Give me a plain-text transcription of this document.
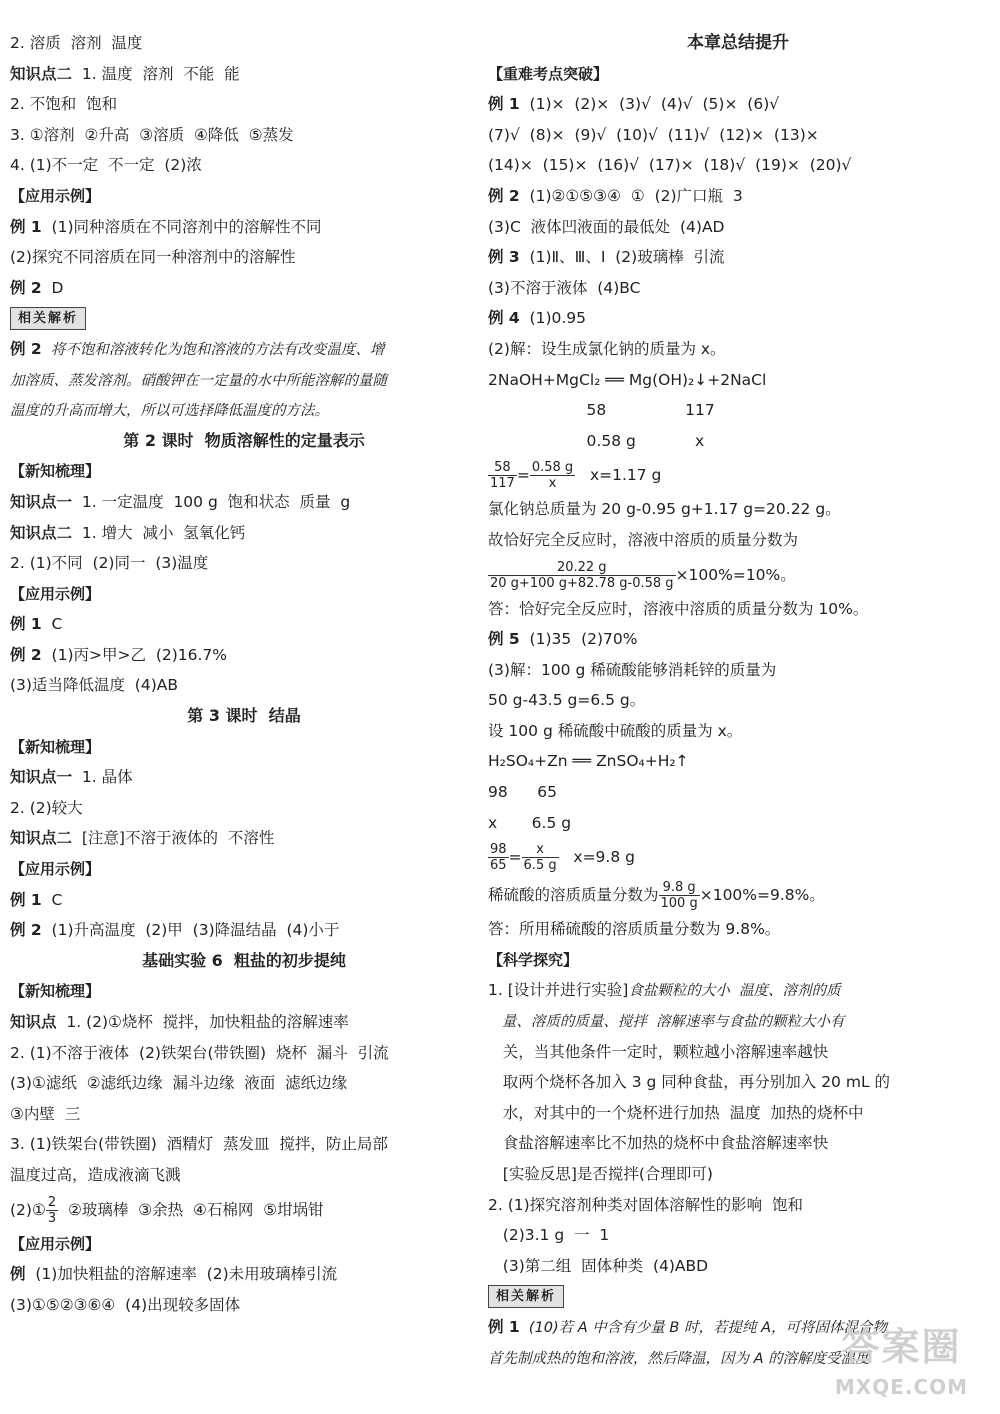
2. 溶质  溶剂  温度
知识点二  1. 温度  溶剂  不能  能
2. 不饱和  饱和
3. ①溶剂  ②升高  ③溶质  ④降低  ⑤蒸发
4. (1)不一定  不一定  (2)浓
【应用示例】
例 1  (1)同种溶质在不同溶剂中的溶解性不同
(2)探究不同溶质在同一种溶剂中的溶解性
例 2  D
相关解析
例 2  将不饱和溶液转化为饱和溶液的方法有改变温度、增
加溶质、蒸发溶剂。硝酸钾在一定量的水中所能溶解的量随
温度的升高而增大，所以可选择降低温度的方法。
第 2 课时  物质溶解性的定量表示
【新知梳理】
知识点一  1. 一定温度  100 g  饱和状态  质量  g
知识点二  1. 增大  减小  氢氧化钙
2. (1)不同  (2)同一  (3)温度
【应用示例】
例 1  C
例 2  (1)丙>甲>乙  (2)16.7%
(3)适当降低温度  (4)AB
第 3 课时  结晶
【新知梳理】
知识点一  1. 晶体
2. (2)较大
知识点二  [注意]不溶于液体的  不溶性
【应用示例】
例 1  C
例 2  (1)升高温度  (2)甲  (3)降温结晶  (4)小于
基础实验 6  粗盐的初步提纯
【新知梳理】
知识点  1. (2)①烧杯  搅拌，加快粗盐的溶解速率
2. (1)不溶于液体  (2)铁架台(带铁圈)  烧杯  漏斗  引流
(3)①滤纸  ②滤纸边缘  漏斗边缘  液面  滤纸边缘
③内壁  三
3. (1)铁架台(带铁圈)  酒精灯  蒸发皿  搅拌，防止局部
温度过高，造成液滴飞溅
(2)① $\frac{2}{3}$ ②玻璃棒  ③余热  ④石棉网  ⑤坩埚钳
【应用示例】
例  (1)加快粗盐的溶解速率  (2)未用玻璃棒引流
(3)①⑤②③⑥④  (4)出现较多固体
本章总结提升
【重难考点突破】
例 1  (1)×  (2)×  (3)√  (4)√  (5)×  (6)√
(7)√  (8)×  (9)√  (10)√  (11)√  (12)×  (13)×
(14)×  (15)×  (16)√  (17)×  (18)√  (19)×  (20)√
例 2  (1)②①⑤③④  ①  (2)广口瓶  3
(3)C  液体凹液面的最低处  (4)AD
例 3  (1)Ⅱ、Ⅲ、Ⅰ  (2)玻璃棒  引流
(3)不溶于液体  (4)BC
例 4  (1)0.95
(2)解：设生成氯化钠的质量为 x。
2NaOH+MgCl₂ ══ Mg(OH)₂↓+2NaCl
58                117
0.58 g            x
$\frac{58}{117} = \frac{0.58 g}{x} x=1.17$ g
氯化钠总质量为 20 g-0.95 g+1.17 g=20.22 g。
故恰好完全反应时，溶液中溶质的质量分数为
$\frac{20.22 g}{20 g+100 g+82.78 g-0.58 g} \times 100\%=10\%$。
答：恰好完全反应时，溶液中溶质的质量分数为 10%。
例 5  (1)35  (2)70%
(3)解：100 g 稀硫酸能够消耗锌的质量为
50 g-43.5 g=6.5 g。
设 100 g 稀硫酸中硫酸的质量为 x。
H₂SO₄+Zn ══ ZnSO₄+H₂↑
98      65
x       6.5 g
$\frac{98}{65} = \frac{x}{6.5 g} x=9.8$ g
稀硫酸的溶质质量分数为 $\frac{9.8 g}{100 g} \times 100\%=9.8\%$。
答：所用稀硫酸的溶质质量分数为 9.8%。
【科学探究】
1. [设计并进行实验]食盐颗粒的大小  温度、溶剂的质
量、溶质的质量、搅拌  溶解速率与食盐的颗粒大小有
关，当其他条件一定时，颗粒越小溶解速率越快
取两个烧杯各加入 3 g 同种食盐，再分别加入 20 mL 的
水，对其中的一个烧杯进行加热  温度  加热的烧杯中
食盐溶解速率比不加热的烧杯中食盐溶解速率快
[实验反思]是否搅拌(合理即可)
2. (1)探究溶剂种类对固体溶解性的影响  饱和
(2)3.1 g  一  1
(3)第二组  固体种类  (4)ABD
相关解析
例 1  (10)若 A 中含有少量 B 时，若提纯 A，可将固体混合物
首先制成热的饱和溶液，然后降温，因为 A 的溶解度受温度
答案圈
MXQE.COM
